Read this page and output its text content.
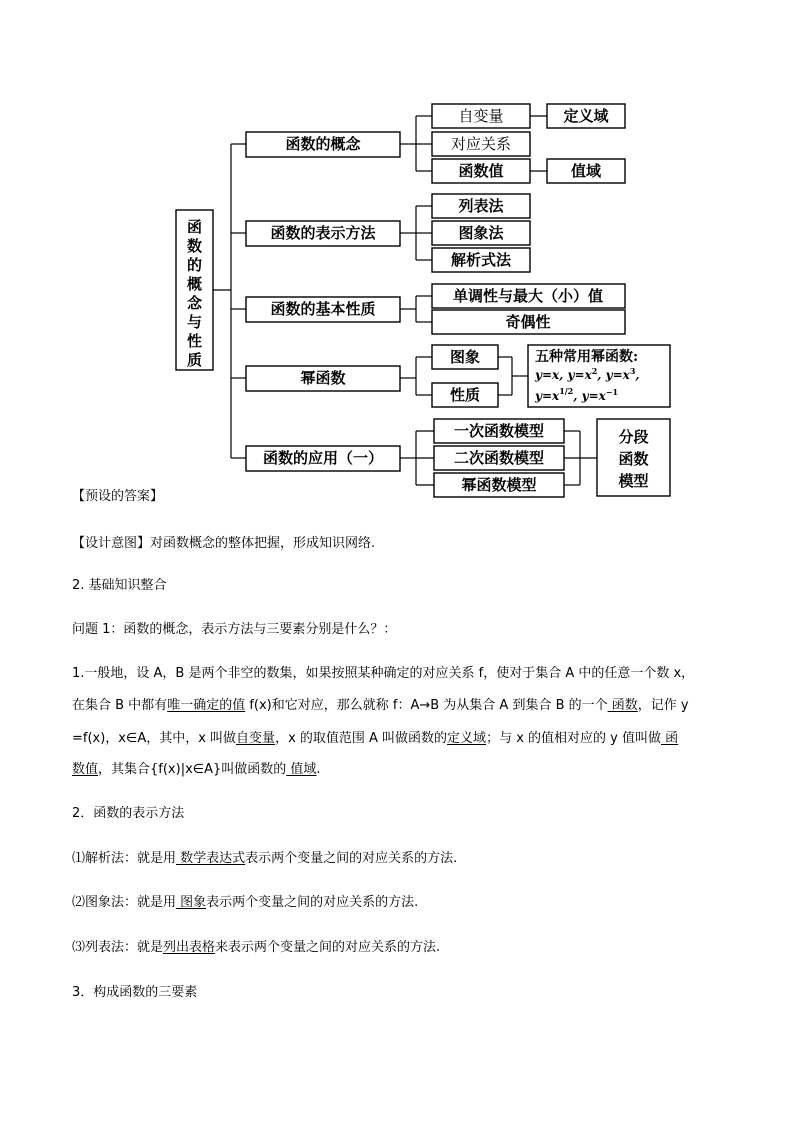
函
数
的
概
念
与
性
质
函数的概念
函数的表示方法
函数的基本性质
幂函数
函数的应用（一）
自变量
对应关系
函数值
定义域
值域
列表法
图象法
解析式法
单调性与最大（小）值
奇偶性
图象
性质
五种常用幂函数:
y=x, $y=x^2_{, y=x}^3_,$
$y=x^{1/2}_{, y=x}^{-1}$
一次函数模型
二次函数模型
幂函数模型
分段
函数
模型

【预设的答案】

【设计意图】对函数概念的整体把握，形成知识网络.

2. 基础知识整合

问题 1：函数的概念，表示方法与三要素分别是什么？：

1.一般地，设 A，B 是两个非空的数集，如果按照某种确定的对应关系 f，使对于集合 A 中的任意一个数 x，

在集合 B 中都有唯一确定的值 f(x)和它对应，那么就称 f：A→B 为从集合 A 到集合 B 的一个 函数，记作 y

=f(x)，x∈A，其中，x 叫做自变量，x 的取值范围 A 叫做函数的定义域；与 x 的值相对应的 y 值叫做 函

数值，其集合{f(x)|x∈A}叫做函数的 值域.

2．函数的表示方法

⑴解析法：就是用 数学表达式表示两个变量之间的对应关系的方法.

⑵图象法：就是用 图象表示两个变量之间的对应关系的方法.

⑶列表法：就是列出表格来表示两个变量之间的对应关系的方法.

3．构成函数的三要素
